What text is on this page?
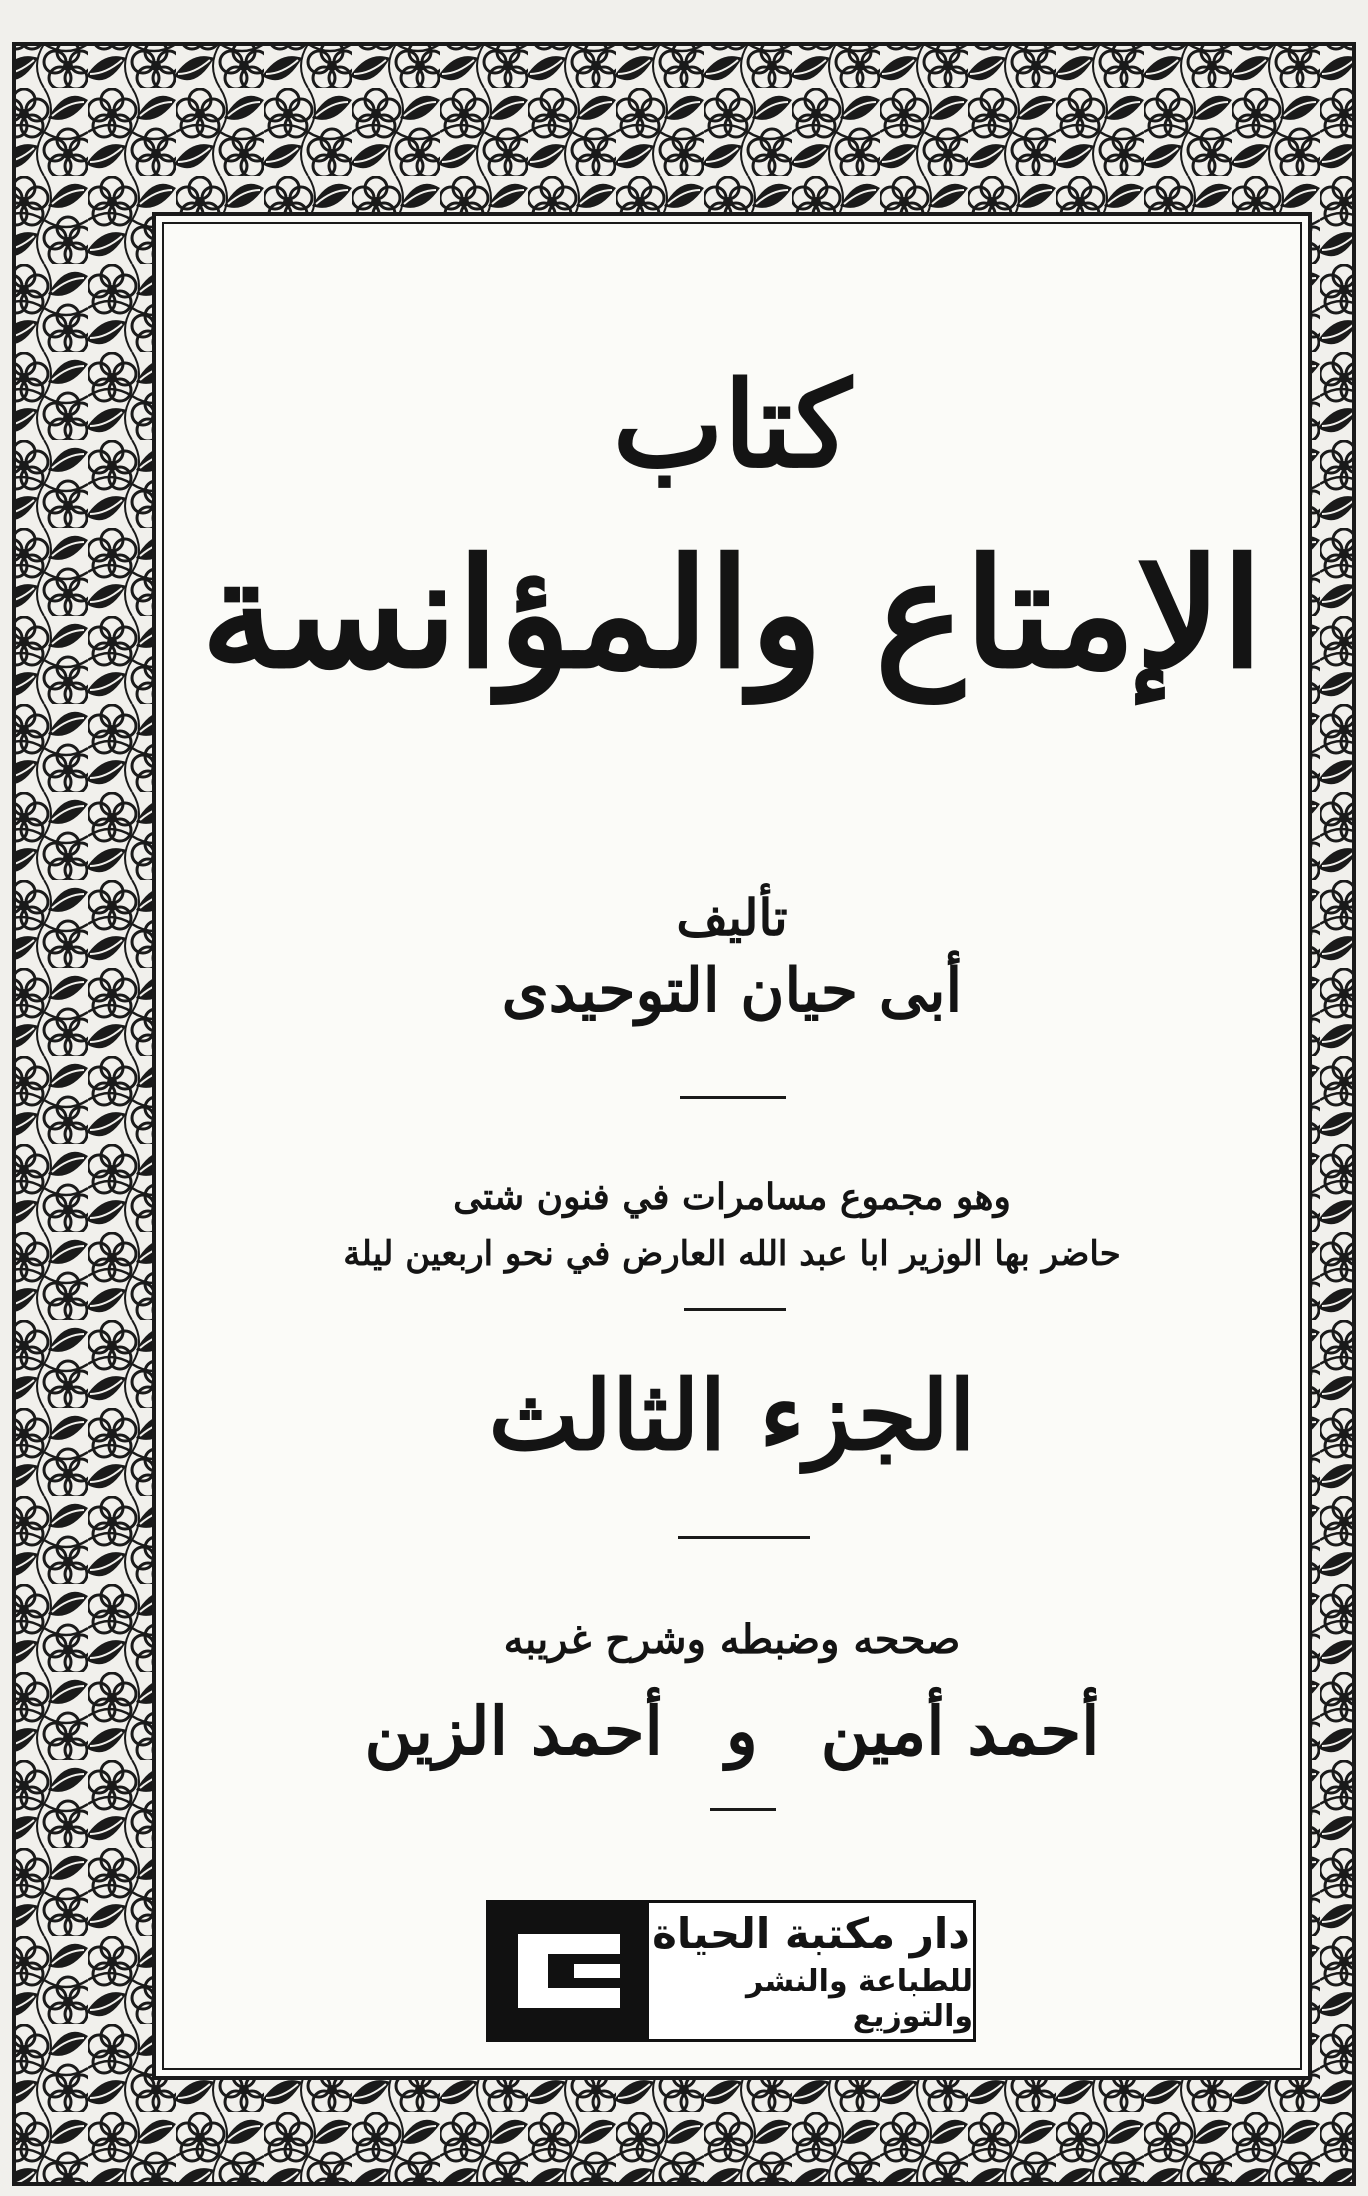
كتاب
الإمتاع والمؤانسة
تأليف
أبى حيان التوحيدى
وهو مجموع مسامرات في فنون شتى
حاضر بها الوزير ابا عبد الله العارض في نحو اربعين ليلة
الجزء الثالث
صححه وضبطه وشرح غريبه
أحمد أمين و أحمد الزين
دار مكتبة الحياة
للطباعة والنشر والتوزيع
